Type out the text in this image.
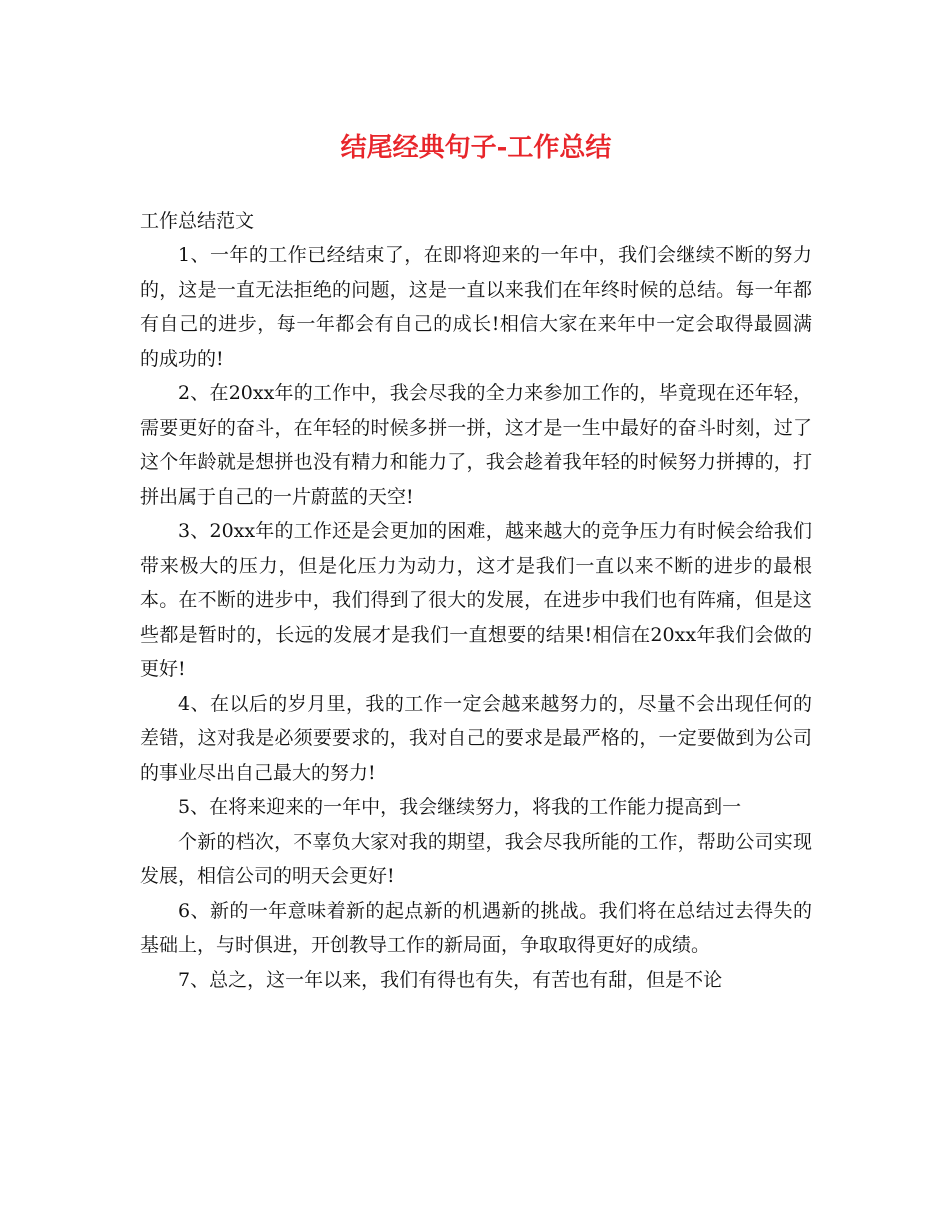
结尾经典句子-工作总结

工作总结范文

1、一年的工作已经结束了，在即将迎来的一年中，我们会继续不断的努力的，这是一直无法拒绝的问题，这是一直以来我们在年终时候的总结。每一年都有自己的进步，每一年都会有自己的成长!相信大家在来年中一定会取得最圆满的成功的!

2、在20xx年的工作中，我会尽我的全力来参加工作的，毕竟现在还年轻，需要更好的奋斗，在年轻的时候多拼一拼，这才是一生中最好的奋斗时刻，过了这个年龄就是想拼也没有精力和能力了，我会趁着我年轻的时候努力拼搏的，打拼出属于自己的一片蔚蓝的天空!

3、20xx年的工作还是会更加的困难，越来越大的竞争压力有时候会给我们带来极大的压力，但是化压力为动力，这才是我们一直以来不断的进步的最根本。在不断的进步中，我们得到了很大的发展，在进步中我们也有阵痛，但是这些都是暂时的，长远的发展才是我们一直想要的结果!相信在20xx年我们会做的更好!

4、在以后的岁月里，我的工作一定会越来越努力的，尽量不会出现任何的差错，这对我是必须要要求的，我对自己的要求是最严格的，一定要做到为公司的事业尽出自己最大的努力!

5、在将来迎来的一年中，我会继续努力，将我的工作能力提高到一

个新的档次，不辜负大家对我的期望，我会尽我所能的工作，帮助公司实现发展，相信公司的明天会更好!

6、新的一年意味着新的起点新的机遇新的挑战。我们将在总结过去得失的基础上，与时俱进，开创教导工作的新局面，争取取得更好的成绩。

7、总之，这一年以来，我们有得也有失，有苦也有甜，但是不论
